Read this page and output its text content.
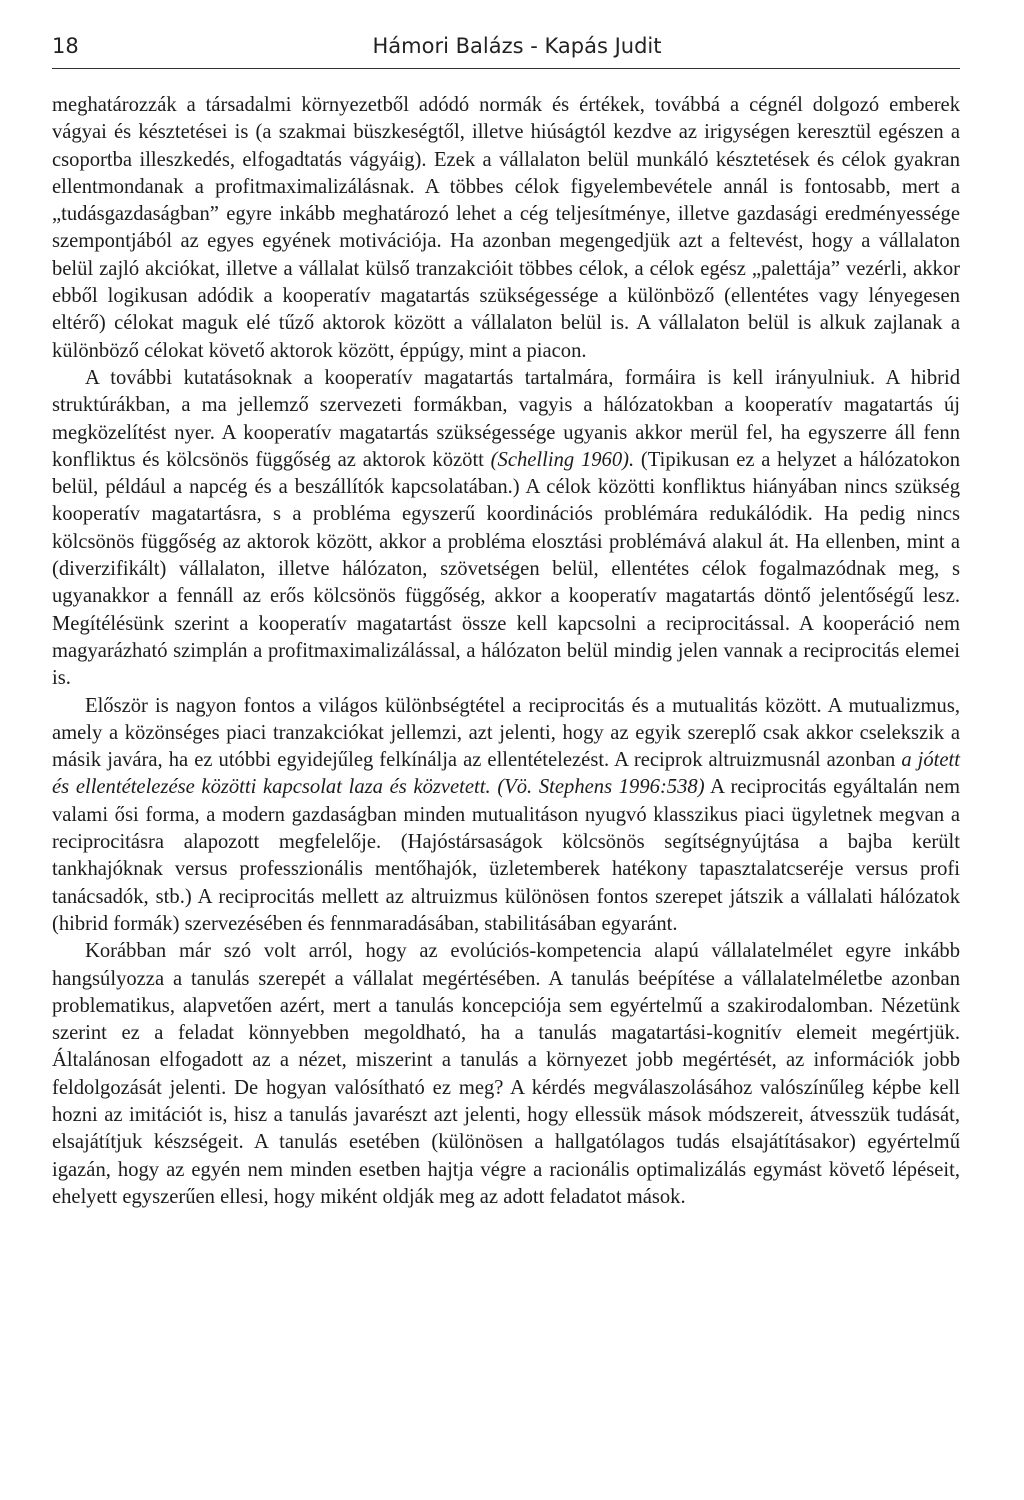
18	Hámori Balázs - Kapás Judit

meghatározzák a társadalmi környezetből adódó normák és értékek, továbbá a cégnél dolgozó emberek vágyai és késztetései is (a szakmai büszkeségtől, illetve hiúságtól kezdve az irigységen keresztül egészen a csoportba illeszkedés, elfogadtatás vágyáig). Ezek a vállalaton belül munkáló késztetések és célok gyakran ellentmondanak a profitmaximalizálásnak. A többes célok figyelembevétele annál is fontosabb, mert a „tudásgazdaságban” egyre inkább meghatározó lehet a cég teljesítménye, illetve gazdasági eredményessége szempontjából az egyes egyének motivációja. Ha azonban megengedjük azt a feltevést, hogy a vállalaton belül zajló akciókat, illetve a vállalat külső tranzakcióit többes célok, a célok egész „palettája” vezérli, akkor ebből logikusan adódik a kooperatív magatartás szükségessége a különböző (ellentétes vagy lényegesen eltérő) célokat maguk elé tűző aktorok között a vállalaton belül is. A vállalaton belül is alkuk zajlanak a különböző célokat követő aktorok között, éppúgy, mint a piacon.

A további kutatásoknak a kooperatív magatartás tartalmára, formáira is kell irányulniuk. A hibrid struktúrákban, a ma jellemző szervezeti formákban, vagyis a hálózatokban a kooperatív magatartás új megközelítést nyer. A kooperatív magatartás szükségessége ugyanis akkor merül fel, ha egyszerre áll fenn konfliktus és kölcsönös függőség az aktorok között (Schelling 1960). (Tipikusan ez a helyzet a hálózatokon belül, például a napcég és a beszállítók kapcsolatában.) A célok közötti konfliktus hiányában nincs szükség kooperatív magatartásra, s a probléma egyszerű koordinációs problémára redukálódik. Ha pedig nincs kölcsönös függőség az aktorok között, akkor a probléma elosztási problémává alakul át. Ha ellenben, mint a (diverzifikált) vállalaton, illetve hálózaton, szövetségen belül, ellentétes célok fogalmazódnak meg, s ugyanakkor a fennáll az erős kölcsönös függőség, akkor a kooperatív magatartás döntő jelentőségű lesz. Megítélésünk szerint a kooperatív magatartást össze kell kapcsolni a reciprocitással. A kooperáció nem magyarázható szimplán a profitmaximalizálással, a hálózaton belül mindig jelen vannak a reciprocitás elemei is.

Először is nagyon fontos a világos különbségtétel a reciprocitás és a mutualitás között. A mutualizmus, amely a közönséges piaci tranzakciókat jellemzi, azt jelenti, hogy az egyik szereplő csak akkor cselekszik a másik javára, ha ez utóbbi egyidejűleg felkínálja az ellentételezést. A reciprok altruizmusnál azonban a jótett és ellentételezése közötti kapcsolat laza és közvetett. (Vö. Stephens 1996:538) A reciprocitás egyáltalán nem valami ősi forma, a modern gazdaságban minden mutualitáson nyugvó klasszikus piaci ügyletnek megvan a reciprocitásra alapozott megfelelője. (Hajóstársaságok kölcsönös segítségnyújtása a bajba került tankhajóknak versus professzionális mentőhajók, üzletemberek hatékony tapasztalatcseréje versus profi tanácsadók, stb.) A reciprocitás mellett az altruizmus különösen fontos szerepet játszik a vállalati hálózatok (hibrid formák) szervezésében és fennmaradásában, stabilitásában egyaránt.

Korábban már szó volt arról, hogy az evolúciós-kompetencia alapú vállalatelmélet egyre inkább hangsúlyozza a tanulás szerepét a vállalat megértésében. A tanulás beépítése a vállalatelméletbe azonban problematikus, alapvetően azért, mert a tanulás koncepciója sem egyértelmű a szakirodalomban. Nézetünk szerint ez a feladat könnyebben megoldható, ha a tanulás magatartási-kognitív elemeit megértjük. Általánosan elfogadott az a nézet, miszerint a tanulás a környezet jobb megértését, az információk jobb feldolgozását jelenti. De hogyan valósítható ez meg? A kérdés megválaszolásához valószínűleg képbe kell hozni az imitációt is, hisz a tanulás javarészt azt jelenti, hogy ellessük mások módszereit, átvesszük tudását, elsajátítjuk készségeit. A tanulás esetében (különösen a hallgatólagos tudás elsajátításakor) egyértelmű igazán, hogy az egyén nem minden esetben hajtja végre a racionális optimalizálás egymást követő lépéseit, ehelyett egyszerűen ellesi, hogy miként oldják meg az adott feladatot mások.
